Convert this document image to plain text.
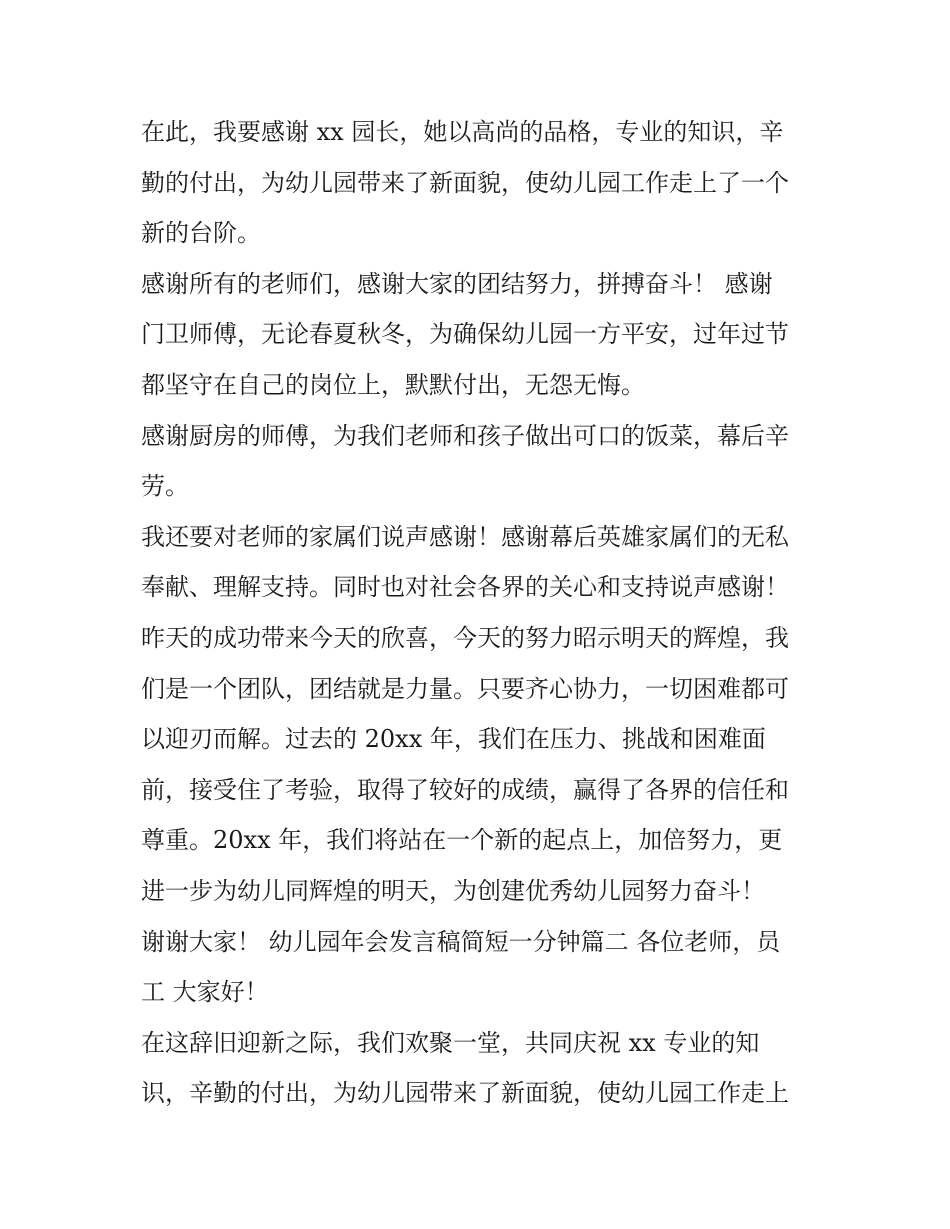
在此，我要感谢 xx 园长，她以高尚的品格，专业的知识，辛
勤的付出，为幼儿园带来了新面貌，使幼儿园工作走上了一个
新的台阶。
感谢所有的老师们，感谢大家的团结努力，拼搏奋斗！ 感谢
门卫师傅，无论春夏秋冬，为确保幼儿园一方平安，过年过节
都坚守在自己的岗位上，默默付出，无怨无悔。
感谢厨房的师傅，为我们老师和孩子做出可口的饭菜，幕后辛
劳。
我还要对老师的家属们说声感谢！感谢幕后英雄家属们的无私
奉献、理解支持。同时也对社会各界的关心和支持说声感谢！
昨天的成功带来今天的欣喜，今天的努力昭示明天的辉煌，我
们是一个团队，团结就是力量。只要齐心协力，一切困难都可
以迎刃而解。过去的 20xx 年，我们在压力、挑战和困难面
前，接受住了考验，取得了较好的成绩，赢得了各界的信任和
尊重。20xx 年，我们将站在一个新的起点上，加倍努力，更
进一步为幼儿同辉煌的明天，为创建优秀幼儿园努力奋斗！
谢谢大家！ 幼儿园年会发言稿简短一分钟篇二 各位老师，员
工 大家好！
在这辞旧迎新之际，我们欢聚一堂，共同庆祝 xx 专业的知
识，辛勤的付出，为幼儿园带来了新面貌，使幼儿园工作走上
